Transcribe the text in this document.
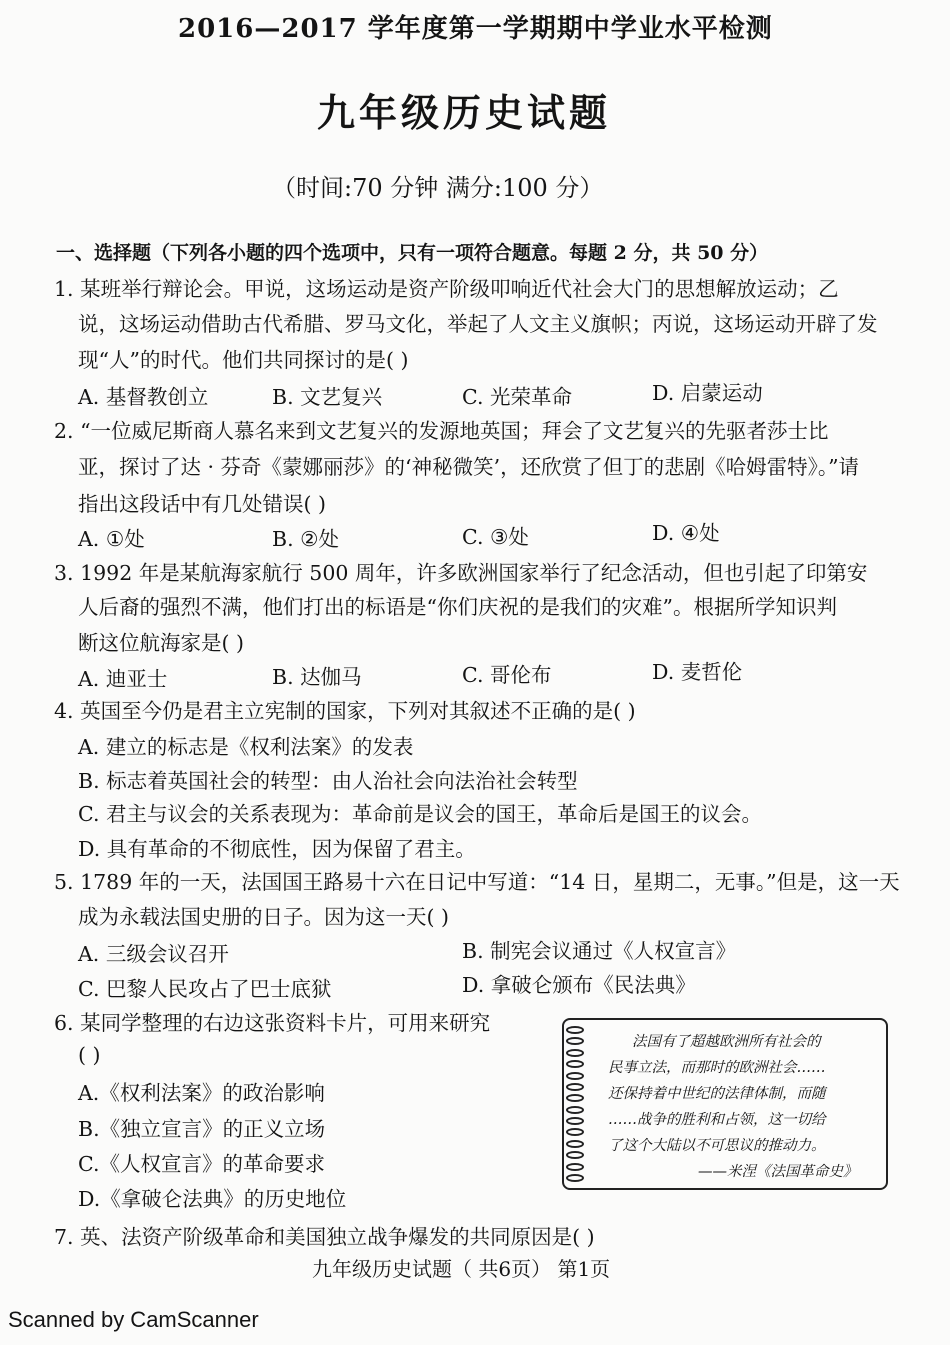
2016—2017 学年度第一学期期中学业水平检测
九年级历史试题
（时间:70 分钟 满分:100 分）
一、选择题（下列各小题的四个选项中，只有一项符合题意。每题 2 分，共 50 分）
1. 某班举行辩论会。甲说，这场运动是资产阶级叩响近代社会大门的思想解放运动；乙
说，这场运动借助古代希腊、罗马文化，举起了人文主义旗帜；丙说，这场运动开辟了发
现“人”的时代。他们共同探讨的是( )
A. 基督教创立	B. 文艺复兴	C. 光荣革命	D. 启蒙运动
2. “一位威尼斯商人慕名来到文艺复兴的发源地英国；拜会了文艺复兴的先驱者莎士比
亚，探讨了达 · 芬奇《蒙娜丽莎》的‘神秘微笑’，还欣赏了但丁的悲剧《哈姆雷特》。”请
指出这段话中有几处错误( )
A. ①处	B. ②处	C. ③处	D. ④处
3. 1992 年是某航海家航行 500 周年，许多欧洲国家举行了纪念活动，但也引起了印第安
人后裔的强烈不满，他们打出的标语是“你们庆祝的是我们的灾难”。根据所学知识判
断这位航海家是( )
A. 迪亚士	B. 达伽马	C. 哥伦布	D. 麦哲伦
4. 英国至今仍是君主立宪制的国家，下列对其叙述不正确的是( )
A. 建立的标志是《权利法案》的发表
B. 标志着英国社会的转型：由人治社会向法治社会转型
C. 君主与议会的关系表现为：革命前是议会的国王，革命后是国王的议会。
D. 具有革命的不彻底性，因为保留了君主。
5. 1789 年的一天，法国国王路易十六在日记中写道：“14 日，星期二，无事。”但是，这一天
成为永载法国史册的日子。因为这一天( )
A. 三级会议召开	B. 制宪会议通过《人权宣言》
C. 巴黎人民攻占了巴士底狱	D. 拿破仑颁布《民法典》
6. 某同学整理的右边这张资料卡片，可用来研究
( )
A.《权利法案》的政治影响
B.《独立宣言》的正义立场
C.《人权宣言》的革命要求
D.《拿破仑法典》的历史地位
法国有了超越欧洲所有社会的
民事立法，而那时的欧洲社会……
还保持着中世纪的法律体制，而随
……战争的胜利和占领，这一切给
了这个大陆以不可思议的推动力。
——米涅《法国革命史》
7. 英、法资产阶级革命和美国独立战争爆发的共同原因是( )
九年级历史试题（ 共6页） 第1页
Scanned by CamScanner
